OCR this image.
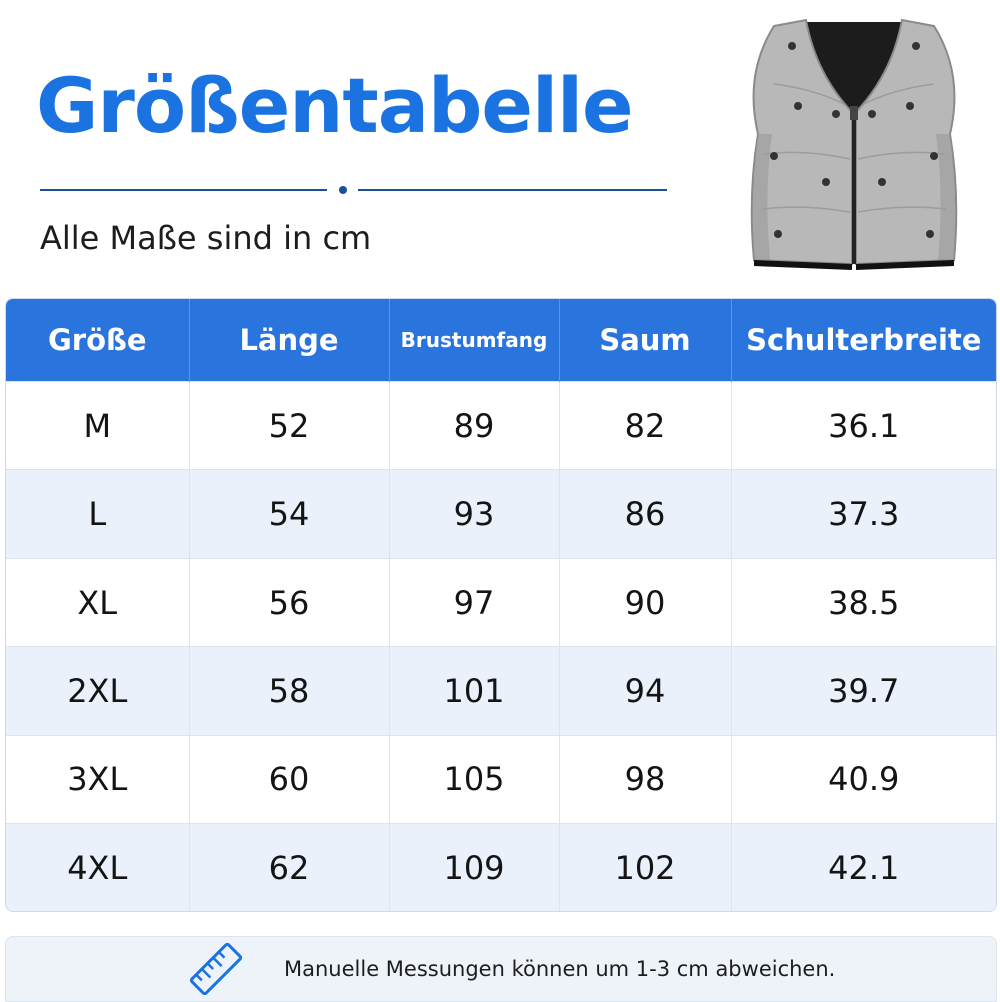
Größentabelle
Alle Maße sind in cm
Größe	Länge	Brustumfang	Saum	Schulterbreite
M	52	89	82	36.1
L	54	93	86	37.3
XL	56	97	90	38.5
2XL	58	101	94	39.7
3XL	60	105	98	40.9
4XL	62	109	102	42.1
Manuelle Messungen können um 1-3 cm abweichen.
